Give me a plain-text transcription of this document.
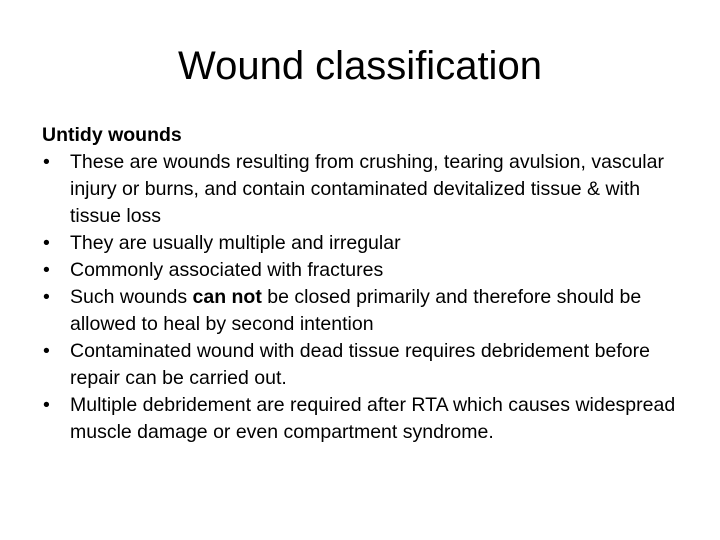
Wound classification

Untidy wounds

• These are wounds resulting from crushing, tearing avulsion, vascular injury or burns, and contain contaminated devitalized tissue & with tissue loss
• They are usually multiple and irregular
• Commonly associated with fractures
• Such wounds can not be closed primarily and therefore should be allowed to heal by second intention
• Contaminated wound with dead tissue requires debridement before repair can be carried out.
• Multiple debridement are required after RTA which causes widespread muscle damage or even compartment syndrome.
